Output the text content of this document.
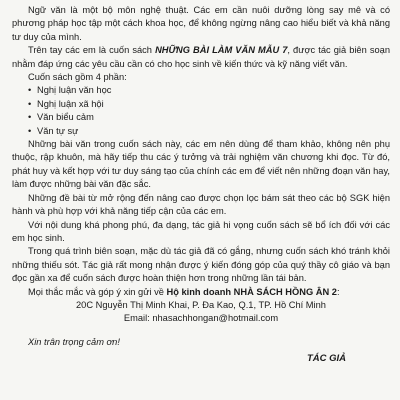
Ngữ văn là một bộ môn nghệ thuật. Các em cần nuôi dưỡng lòng say mê và có phương pháp học tập một cách khoa học, để không ngừng nâng cao hiểu biết và khả năng tư duy của mình.

Trên tay các em là cuốn sách NHỮNG BÀI LÀM VĂN MẪU 7, được tác giả biên soạn nhằm đáp ứng các yêu cầu cần có cho học sinh về kiến thức và kỹ năng viết văn.

Cuốn sách gồm 4 phần:

• Nghị luận văn học
• Nghị luận xã hội
• Văn biểu cảm
• Văn tự sự

Những bài văn trong cuốn sách này, các em nên dùng để tham khảo, không nên phụ thuộc, rập khuôn, mà hãy tiếp thu các ý tưởng và trải nghiệm văn chương khi đọc. Từ đó, phát huy và kết hợp với tư duy sáng tạo của chính các em để viết nên những đoạn văn hay, làm được những bài văn đặc sắc.

Những đề bài từ mở rộng đến nâng cao được chọn lọc bám sát theo các bộ SGK hiện hành và phù hợp với khả năng tiếp cận của các em.

Với nội dung khá phong phú, đa dạng, tác giả hi vọng cuốn sách sẽ bổ ích đối với các em học sinh.

Trong quá trình biên soạn, mặc dù tác giả đã có gắng, nhưng cuốn sách khó tránh khỏi những thiếu sót. Tác giả rất mong nhận được ý kiến đóng góp của quý thầy cô giáo và bạn đọc gần xa để cuốn sách được hoàn thiện hơn trong những lần tái bản.

Mọi thắc mắc và góp ý xin gửi về Hộ kinh doanh NHÀ SÁCH HỒNG ÂN 2:

20C Nguyễn Thị Minh Khai, P. Đa Kao, Q.1, TP. Hồ Chí Minh

Email: nhasachhongan@hotmail.com

Xin trân trọng cảm ơn!

TÁC GIẢ
